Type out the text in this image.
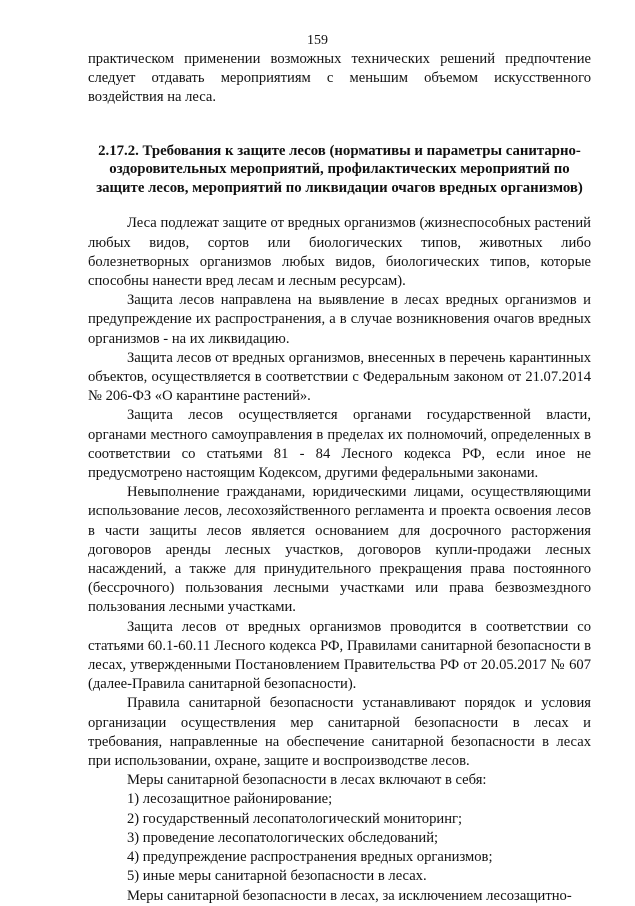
159

практическом применении возможных технических решений предпочтение следует отдавать мероприятиям с меньшим объемом искусственного воздействия на леса.

2.17.2. Требования к защите лесов (нормативы и параметры санитарно-оздоровительных мероприятий, профилактических мероприятий по защите лесов, мероприятий по ликвидации очагов вредных организмов)

Леса подлежат защите от вредных организмов (жизнеспособных растений любых видов, сортов или биологических типов, животных либо болезнетворных организмов любых видов, биологических типов, которые способны нанести вред лесам и лесным ресурсам).

Защита лесов направлена на выявление в лесах вредных организмов и предупреждение их распространения, а в случае возникновения очагов вредных организмов - на их ликвидацию.

Защита лесов от вредных организмов, внесенных в перечень карантинных объектов, осуществляется в соответствии с Федеральным законом от 21.07.2014 № 206-ФЗ «О карантине растений».

Защита лесов осуществляется органами государственной власти, органами местного самоуправления в пределах их полномочий, определенных в соответствии со статьями 81 - 84 Лесного кодекса РФ, если иное не предусмотрено настоящим Кодексом, другими федеральными законами.

Невыполнение гражданами, юридическими лицами, осуществляющими использование лесов, лесохозяйственного регламента и проекта освоения лесов в части защиты лесов является основанием для досрочного расторжения договоров аренды лесных участков, договоров купли-продажи лесных насаждений, а также для принудительного прекращения права постоянного (бессрочного) пользования лесными участками или права безвозмездного пользования лесными участками.

Защита лесов от вредных организмов проводится в соответствии со статьями 60.1-60.11 Лесного кодекса РФ, Правилами санитарной безопасности в лесах, утвержденными Постановлением Правительства РФ от 20.05.2017 № 607 (далее-Правила санитарной безопасности).

Правила санитарной безопасности устанавливают порядок и условия организации осуществления мер санитарной безопасности в лесах и требования, направленные на обеспечение санитарной безопасности в лесах при использовании, охране, защите и воспроизводстве лесов.

Меры санитарной безопасности в лесах включают в себя:

1) лесозащитное районирование;

2) государственный лесопатологический мониторинг;

3) проведение лесопатологических обследований;

4) предупреждение распространения вредных организмов;

5) иные меры санитарной безопасности в лесах.

Меры санитарной безопасности в лесах, за исключением лесозащитно-
